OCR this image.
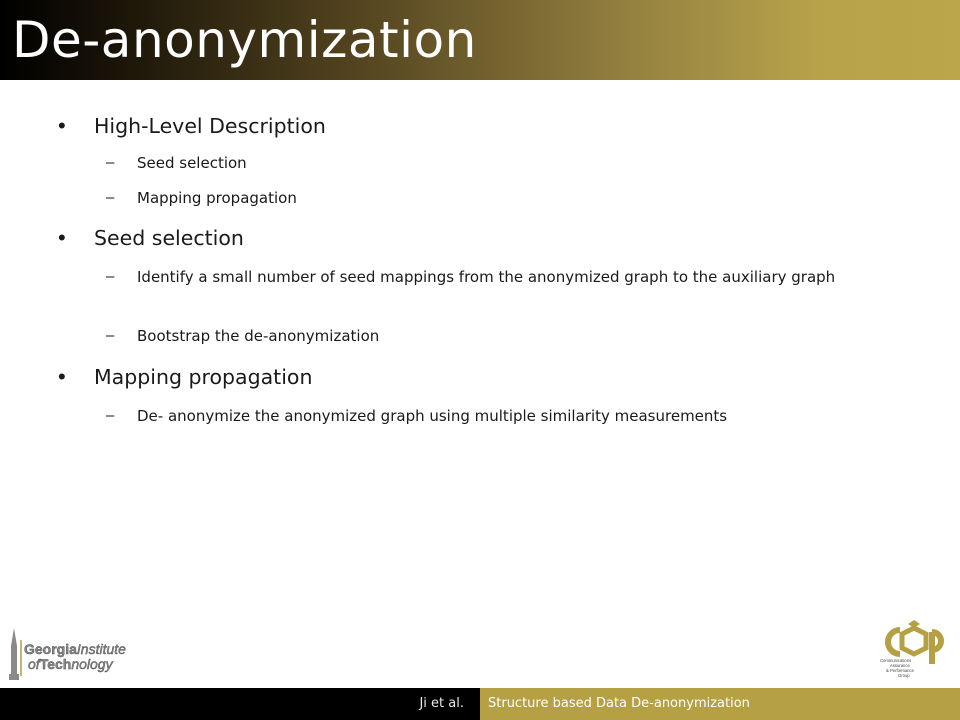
De-anonymization
• High-Level Description
– Seed selection
– Mapping propagation
• Seed selection
– Identify a small number of seed mappings from the anonymized graph to the auxiliary graph
– Bootstrap the de-anonymization
• Mapping propagation
– De- anonymize the anonymized graph using multiple similarity measurements
GeorgiaInstitute
ofTechnology	Communications Assurance & Performance Group
Ji et al. Structure based Data De-anonymization
